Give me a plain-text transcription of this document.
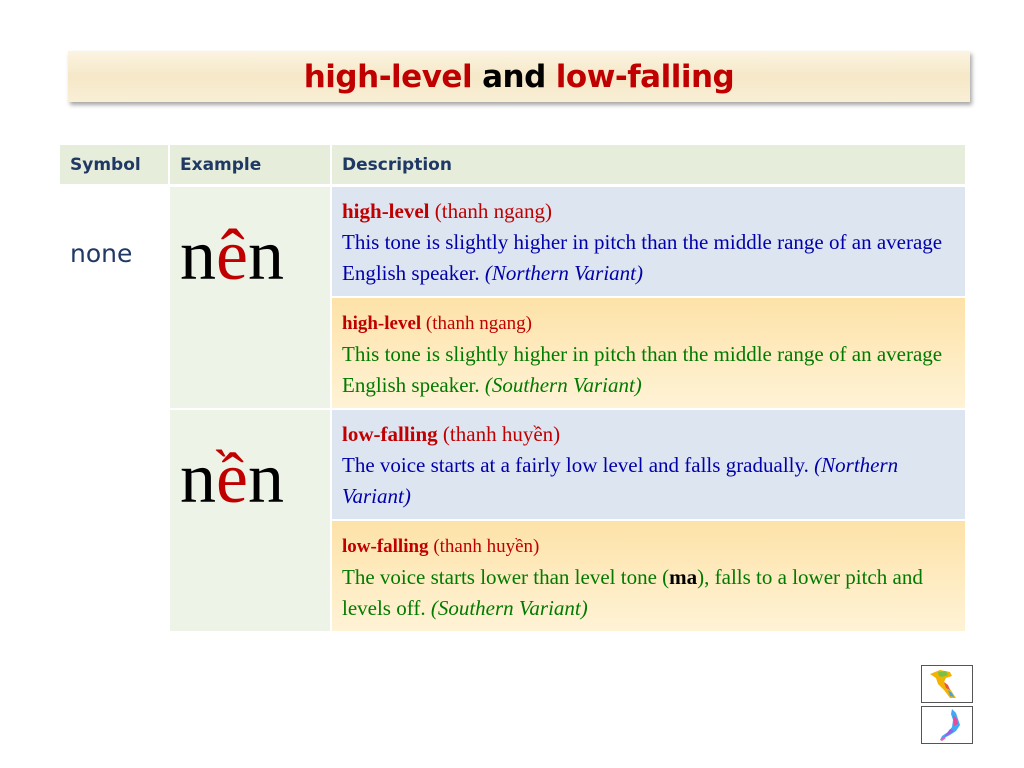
high-level and low-falling
Symbol	Example	Description
none	nên	high-level (thanh ngang)
This tone is slightly higher in pitch than the middle range of an average English speaker. (Northern Variant)
		high-level (thanh ngang)
This tone is slightly higher in pitch than the middle range of an average English speaker. (Southern Variant)
	nền	low-falling (thanh huyền)
The voice starts at a fairly low level and falls gradually. (Northern Variant)
		low-falling (thanh huyền)
The voice starts lower than level tone (ma), falls to a lower pitch and levels off. (Southern Variant)
